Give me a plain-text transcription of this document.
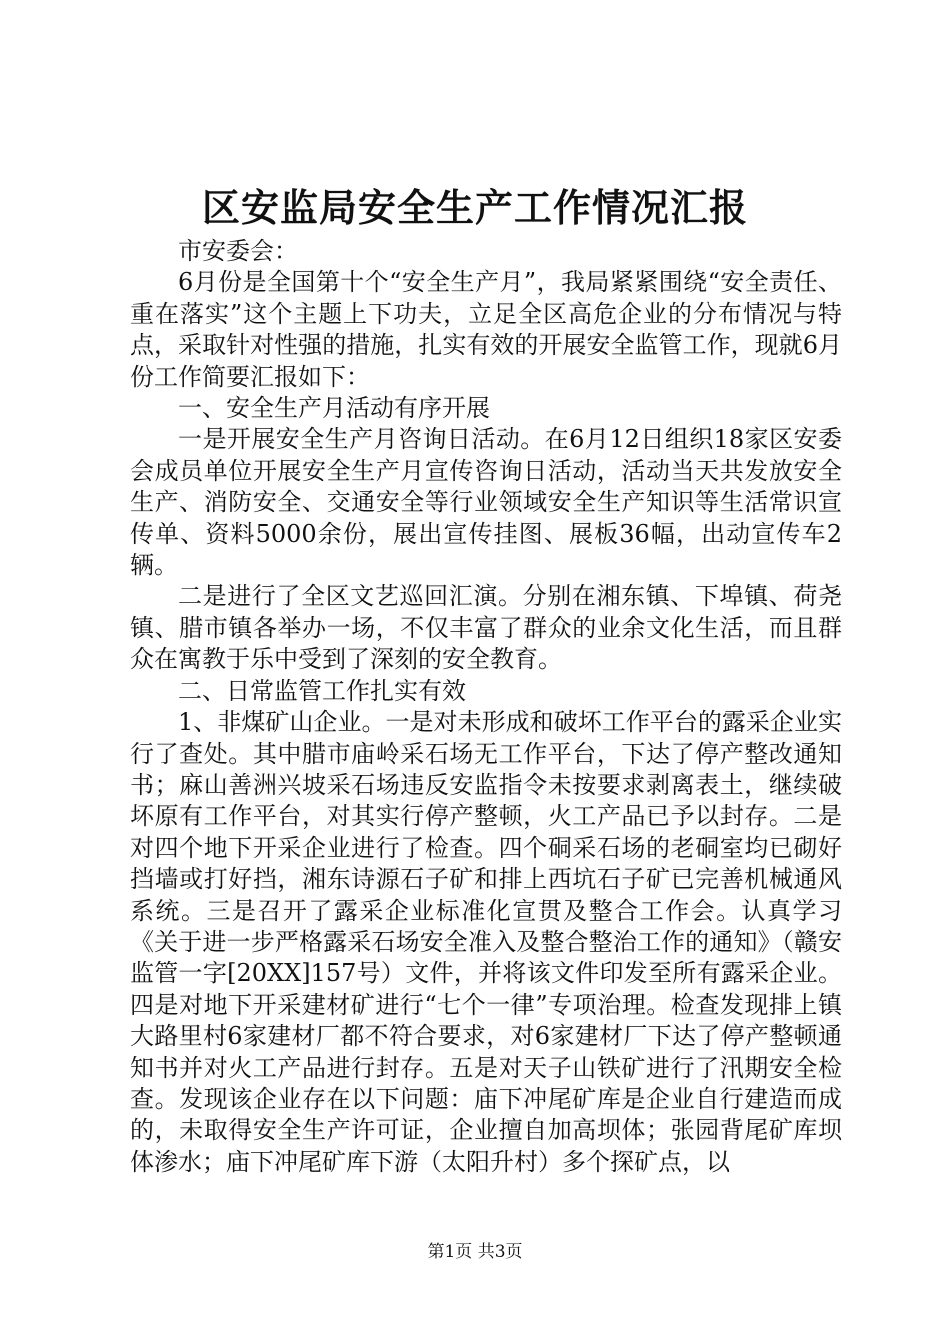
区安监局安全生产工作情况汇报

市安委会：

6月份是全国第十个“安全生产月”，我局紧紧围绕“安全责任、重在落实”这个主题上下功夫，立足全区高危企业的分布情况与特点，采取针对性强的措施，扎实有效的开展安全监管工作，现就6月份工作简要汇报如下：

一、安全生产月活动有序开展

一是开展安全生产月咨询日活动。在6月12日组织18家区安委会成员单位开展安全生产月宣传咨询日活动，活动当天共发放安全生产、消防安全、交通安全等行业领域安全生产知识等生活常识宣传单、资料5000余份，展出宣传挂图、展板36幅，出动宣传车2辆。

二是进行了全区文艺巡回汇演。分别在湘东镇、下埠镇、荷尧镇、腊市镇各举办一场，不仅丰富了群众的业余文化生活，而且群众在寓教于乐中受到了深刻的安全教育。

二、日常监管工作扎实有效

1、非煤矿山企业。一是对未形成和破坏工作平台的露采企业实行了查处。其中腊市庙岭采石场无工作平台，下达了停产整改通知书；麻山善洲兴坡采石场违反安监指令未按要求剥离表土，继续破坏原有工作平台，对其实行停产整顿，火工产品已予以封存。二是对四个地下开采企业进行了检查。四个硐采石场的老硐室均已砌好挡墙或打好挡，湘东诗源石子矿和排上西坑石子矿已完善机械通风系统。三是召开了露采企业标准化宣贯及整合工作会。认真学习《关于进一步严格露采石场安全准入及整合整治工作的通知》（赣安监管一字[20XX]157号）文件，并将该文件印发至所有露采企业。四是对地下开采建材矿进行“七个一律”专项治理。检查发现排上镇大路里村6家建材厂都不符合要求，对6家建材厂下达了停产整顿通知书并对火工产品进行封存。五是对天子山铁矿进行了汛期安全检查。发现该企业存在以下问题：庙下冲尾矿库是企业自行建造而成的，未取得安全生产许可证，企业擅自加高坝体；张园背尾矿库坝体渗水；庙下冲尾矿库下游（太阳升村）多个探矿点，以

第1页 共3页
